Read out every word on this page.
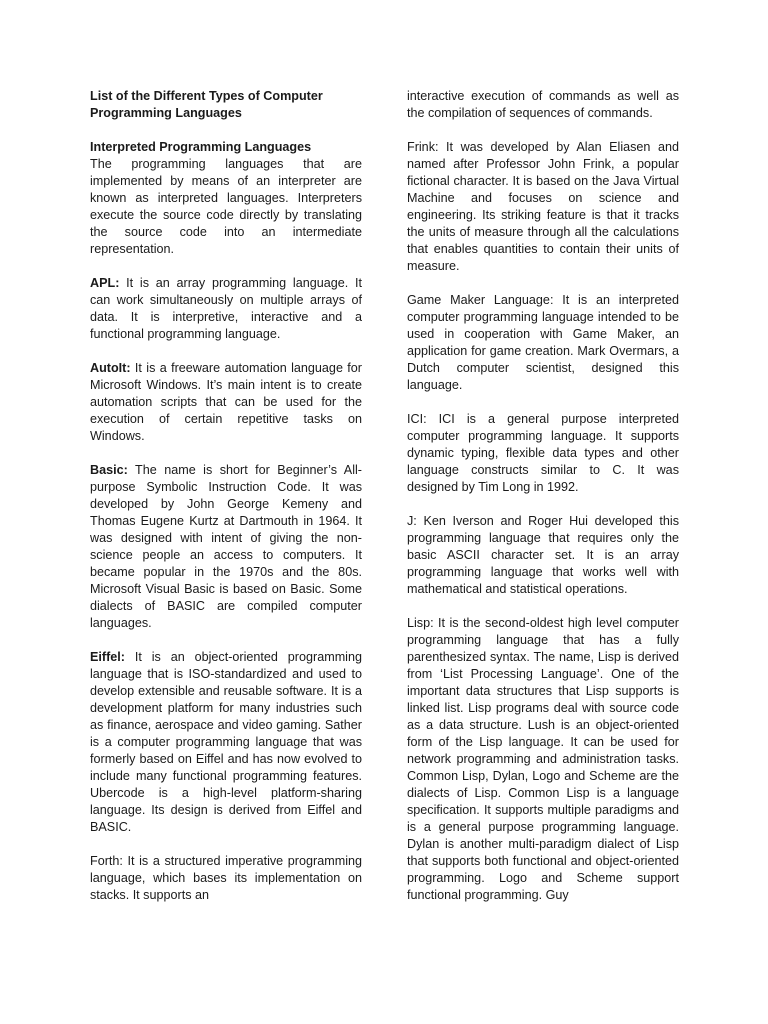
List of the Different Types of Computer Programming Languages

Interpreted Programming Languages
The programming languages that are implemented by means of an interpreter are known as interpreted languages. Interpreters execute the source code directly by translating the source code into an intermediate representation.

APL: It is an array programming language. It can work simultaneously on multiple arrays of data. It is interpretive, interactive and a functional programming language.

AutoIt: It is a freeware automation language for Microsoft Windows. It’s main intent is to create automation scripts that can be used for the execution of certain repetitive tasks on Windows.

Basic: The name is short for Beginner’s All-purpose Symbolic Instruction Code. It was developed by John George Kemeny and Thomas Eugene Kurtz at Dartmouth in 1964. It was designed with intent of giving the non-science people an access to computers. It became popular in the 1970s and the 80s. Microsoft Visual Basic is based on Basic. Some dialects of BASIC are compiled computer languages.

Eiffel: It is an object-oriented programming language that is ISO-standardized and used to develop extensible and reusable software. It is a development platform for many industries such as finance, aerospace and video gaming. Sather is a computer programming language that was formerly based on Eiffel and has now evolved to include many functional programming features. Ubercode is a high-level platform-sharing language. Its design is derived from Eiffel and BASIC.

Forth: It is a structured imperative programming language, which bases its implementation on stacks. It supports an

interactive execution of commands as well as the compilation of sequences of commands.

Frink: It was developed by Alan Eliasen and named after Professor John Frink, a popular fictional character. It is based on the Java Virtual Machine and focuses on science and engineering. Its striking feature is that it tracks the units of measure through all the calculations that enables quantities to contain their units of measure.

Game Maker Language: It is an interpreted computer programming language intended to be used in cooperation with Game Maker, an application for game creation. Mark Overmars, a Dutch computer scientist, designed this language.

ICI: ICI is a general purpose interpreted computer programming language. It supports dynamic typing, flexible data types and other language constructs similar to C. It was designed by Tim Long in 1992.

J: Ken Iverson and Roger Hui developed this programming language that requires only the basic ASCII character set. It is an array programming language that works well with mathematical and statistical operations.

Lisp: It is the second-oldest high level computer programming language that has a fully parenthesized syntax. The name, Lisp is derived from ‘List Processing Language’. One of the important data structures that Lisp supports is linked list. Lisp programs deal with source code as a data structure. Lush is an object-oriented form of the Lisp language. It can be used for network programming and administration tasks. Common Lisp, Dylan, Logo and Scheme are the dialects of Lisp. Common Lisp is a language specification. It supports multiple paradigms and is a general purpose programming language. Dylan is another multi-paradigm dialect of Lisp that supports both functional and object-oriented programming. Logo and Scheme support functional programming. Guy
